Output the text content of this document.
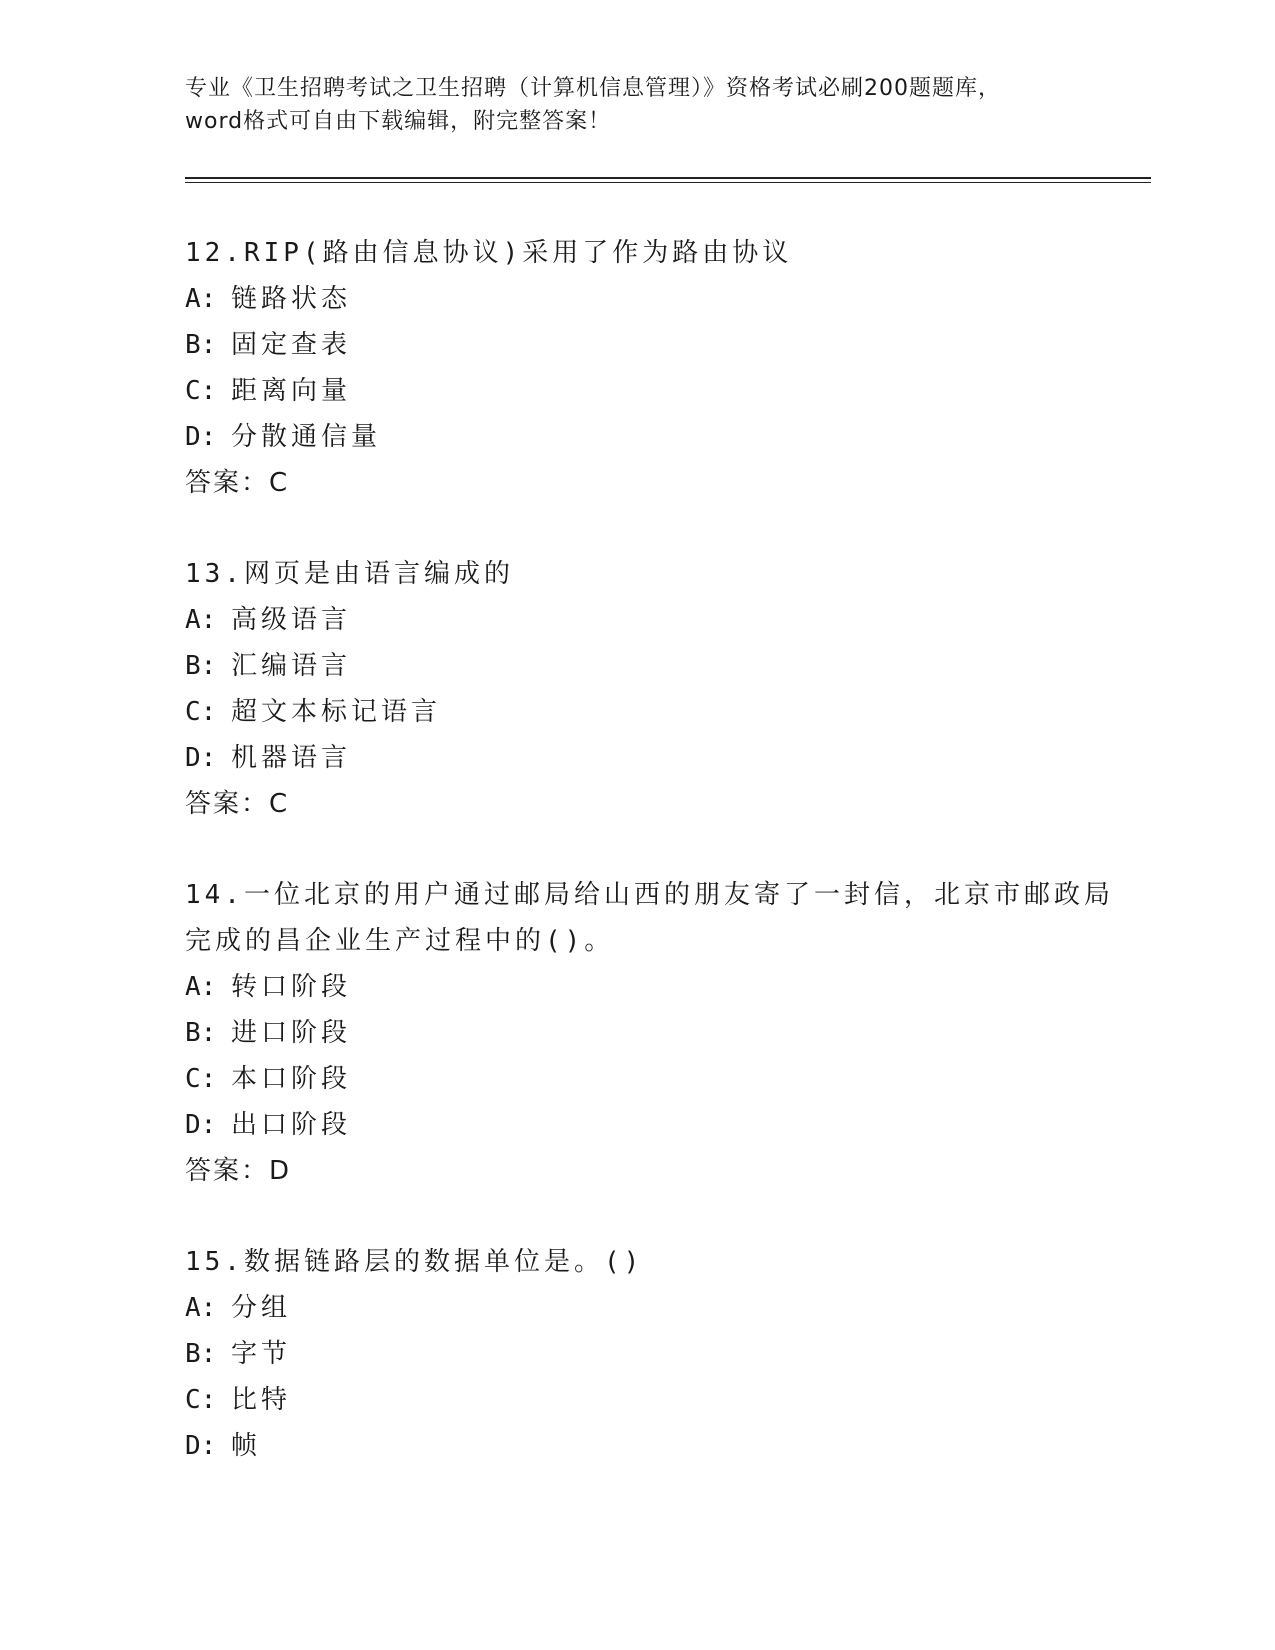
专业《卫生招聘考试之卫生招聘（计算机信息管理）》资格考试必刷200题题库，
word格式可自由下载编辑，附完整答案！
12.RIP(路由信息协议)采用了作为路由协议
A: 链路状态
B: 固定查表
C: 距离向量
D: 分散通信量
答案：C
13.网页是由语言编成的
A: 高级语言
B: 汇编语言
C: 超文本标记语言
D: 机器语言
答案：C
14.一位北京的用户通过邮局给山西的朋友寄了一封信，北京市邮政局
完成的昌企业生产过程中的()。
A: 转口阶段
B: 进口阶段
C: 本口阶段
D: 出口阶段
答案：D
15.数据链路层的数据单位是。()
A: 分组
B: 字节
C: 比特
D: 帧
